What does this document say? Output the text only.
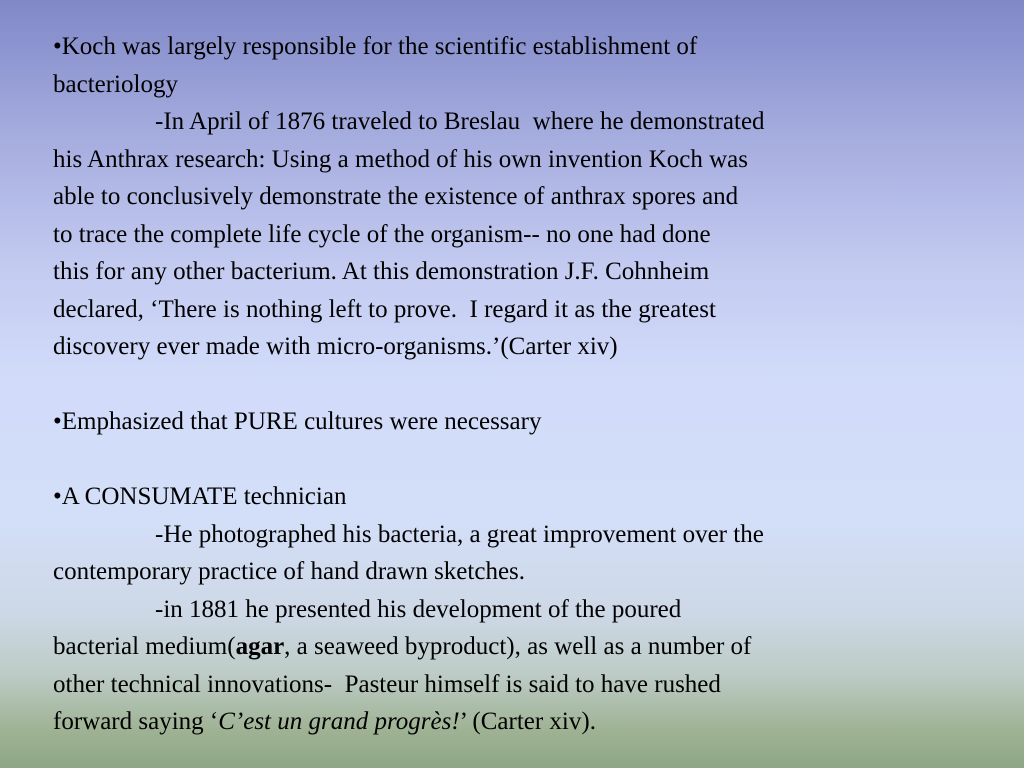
•Koch was largely responsible for the scientific establishment of
bacteriology
-In April of 1876 traveled to Breslau  where he demonstrated
his Anthrax research: Using a method of his own invention Koch was
able to conclusively demonstrate the existence of anthrax spores and
to trace the complete life cycle of the organism-- no one had done
this for any other bacterium. At this demonstration J.F. Cohnheim
declared, ‘There is nothing left to prove.  I regard it as the greatest
discovery ever made with micro-organisms.’(Carter xiv)
•Emphasized that PURE cultures were necessary
•A CONSUMATE technician
-He photographed his bacteria, a great improvement over the
contemporary practice of hand drawn sketches.
-in 1881 he presented his development of the poured
bacterial medium(agar, a seaweed byproduct), as well as a number of
other technical innovations-  Pasteur himself is said to have rushed
forward saying ‘C’est un grand progrès!’ (Carter xiv).
